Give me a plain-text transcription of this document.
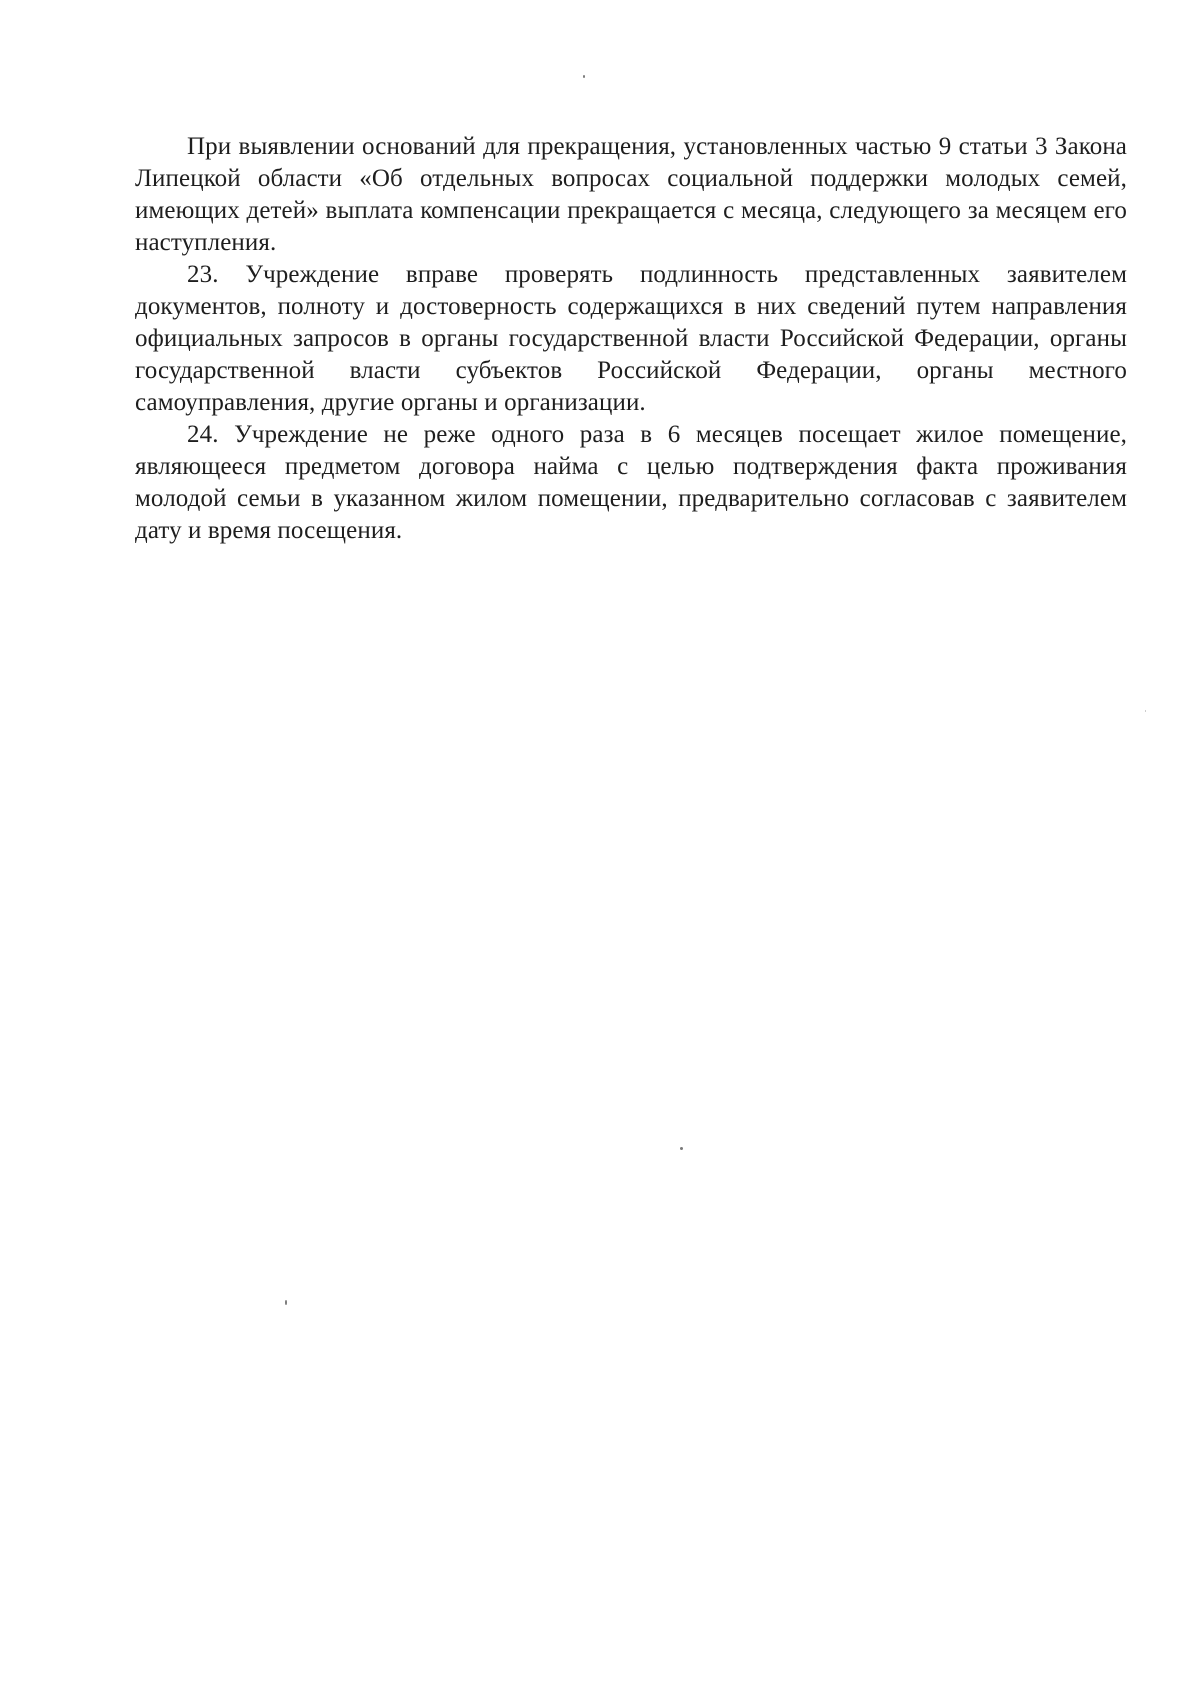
При выявлении оснований для прекращения, установленных частью 9 статьи 3 Закона Липецкой области «Об отдельных вопросах социальной поддержки молодых семей, имеющих детей» выплата компенсации прекращается с месяца, следующего за месяцем его наступления.

23. Учреждение вправе проверять подлинность представленных заявителем документов, полноту и достоверность содержащихся в них сведений путем направления официальных запросов в органы государственной власти Российской Федерации, органы государственной власти субъектов Российской Федерации, органы местного самоуправления, другие органы и организации.

24. Учреждение не реже одного раза в 6 месяцев посещает жилое помещение, являющееся предметом договора найма с целью подтверждения факта проживания молодой семьи в указанном жилом помещении, предварительно согласовав с заявителем дату и время посещения.
